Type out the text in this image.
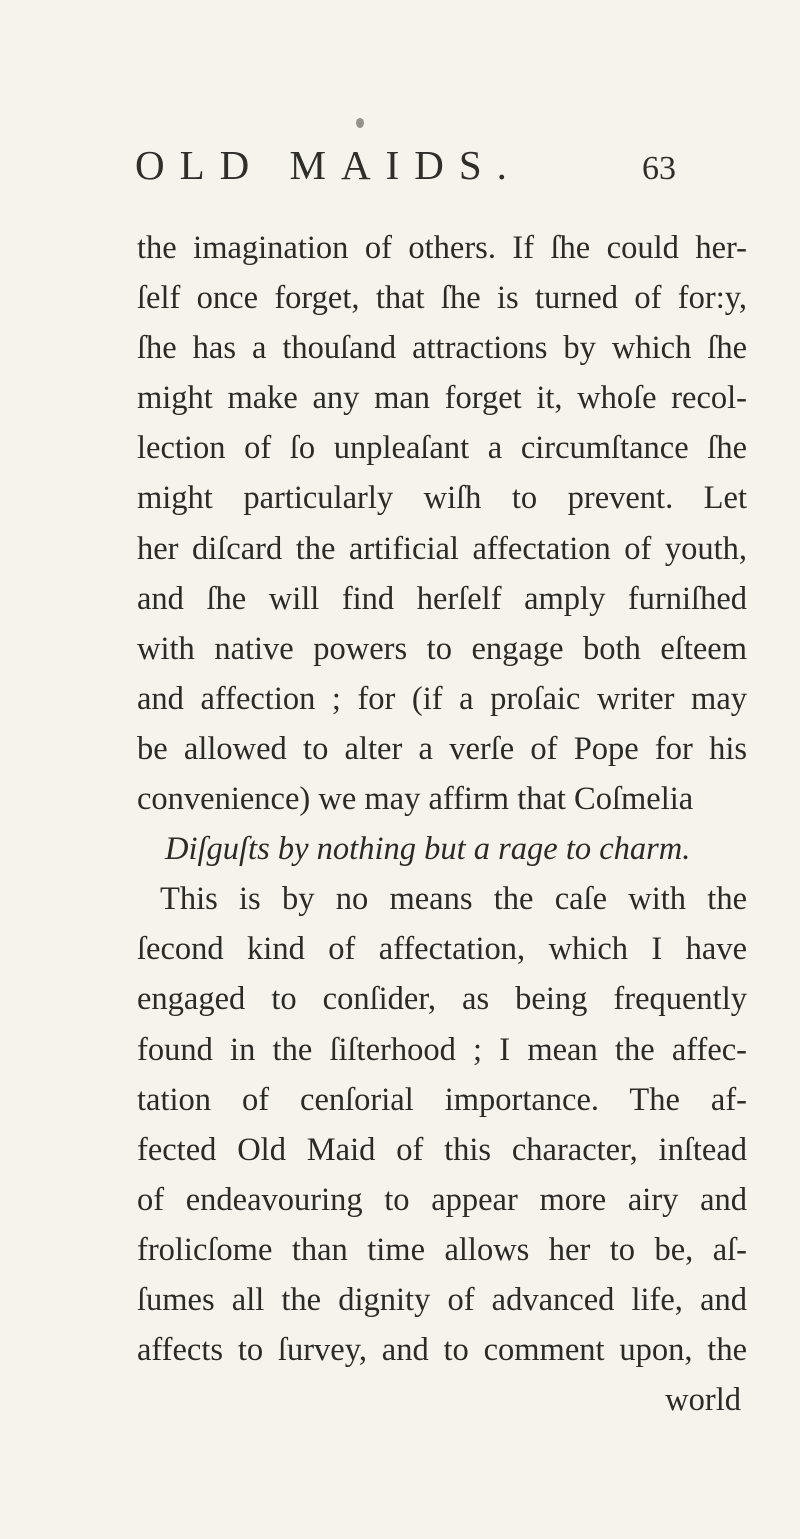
OLD MAIDS.	63
the imagination of others. If ſhe could her-
ſelf once forget, that ſhe is turned of for:y,
ſhe has a thouſand attractions by which ſhe
might make any man forget it, whoſe recol-
lection of ſo unpleaſant a circumſtance ſhe
might particularly wiſh to prevent. Let
her diſcard the artificial affectation of youth,
and ſhe will find herſelf amply furniſhed
with native powers to engage both eſteem
and affection ; for (if a proſaic writer may
be allowed to alter a verſe of Pope for his
convenience) we may affirm that Coſmelia
Diſguſts by nothing but a rage to charm.
This is by no means the caſe with the
ſecond kind of affectation, which I have
engaged to conſider, as being frequently
found in the ſiſterhood ; I mean the affec-
tation of cenſorial importance. The af-
fected Old Maid of this character, inſtead
of endeavouring to appear more airy and
frolicſome than time allows her to be, aſ-
ſumes all the dignity of advanced life, and
affects to ſurvey, and to comment upon, the
world
